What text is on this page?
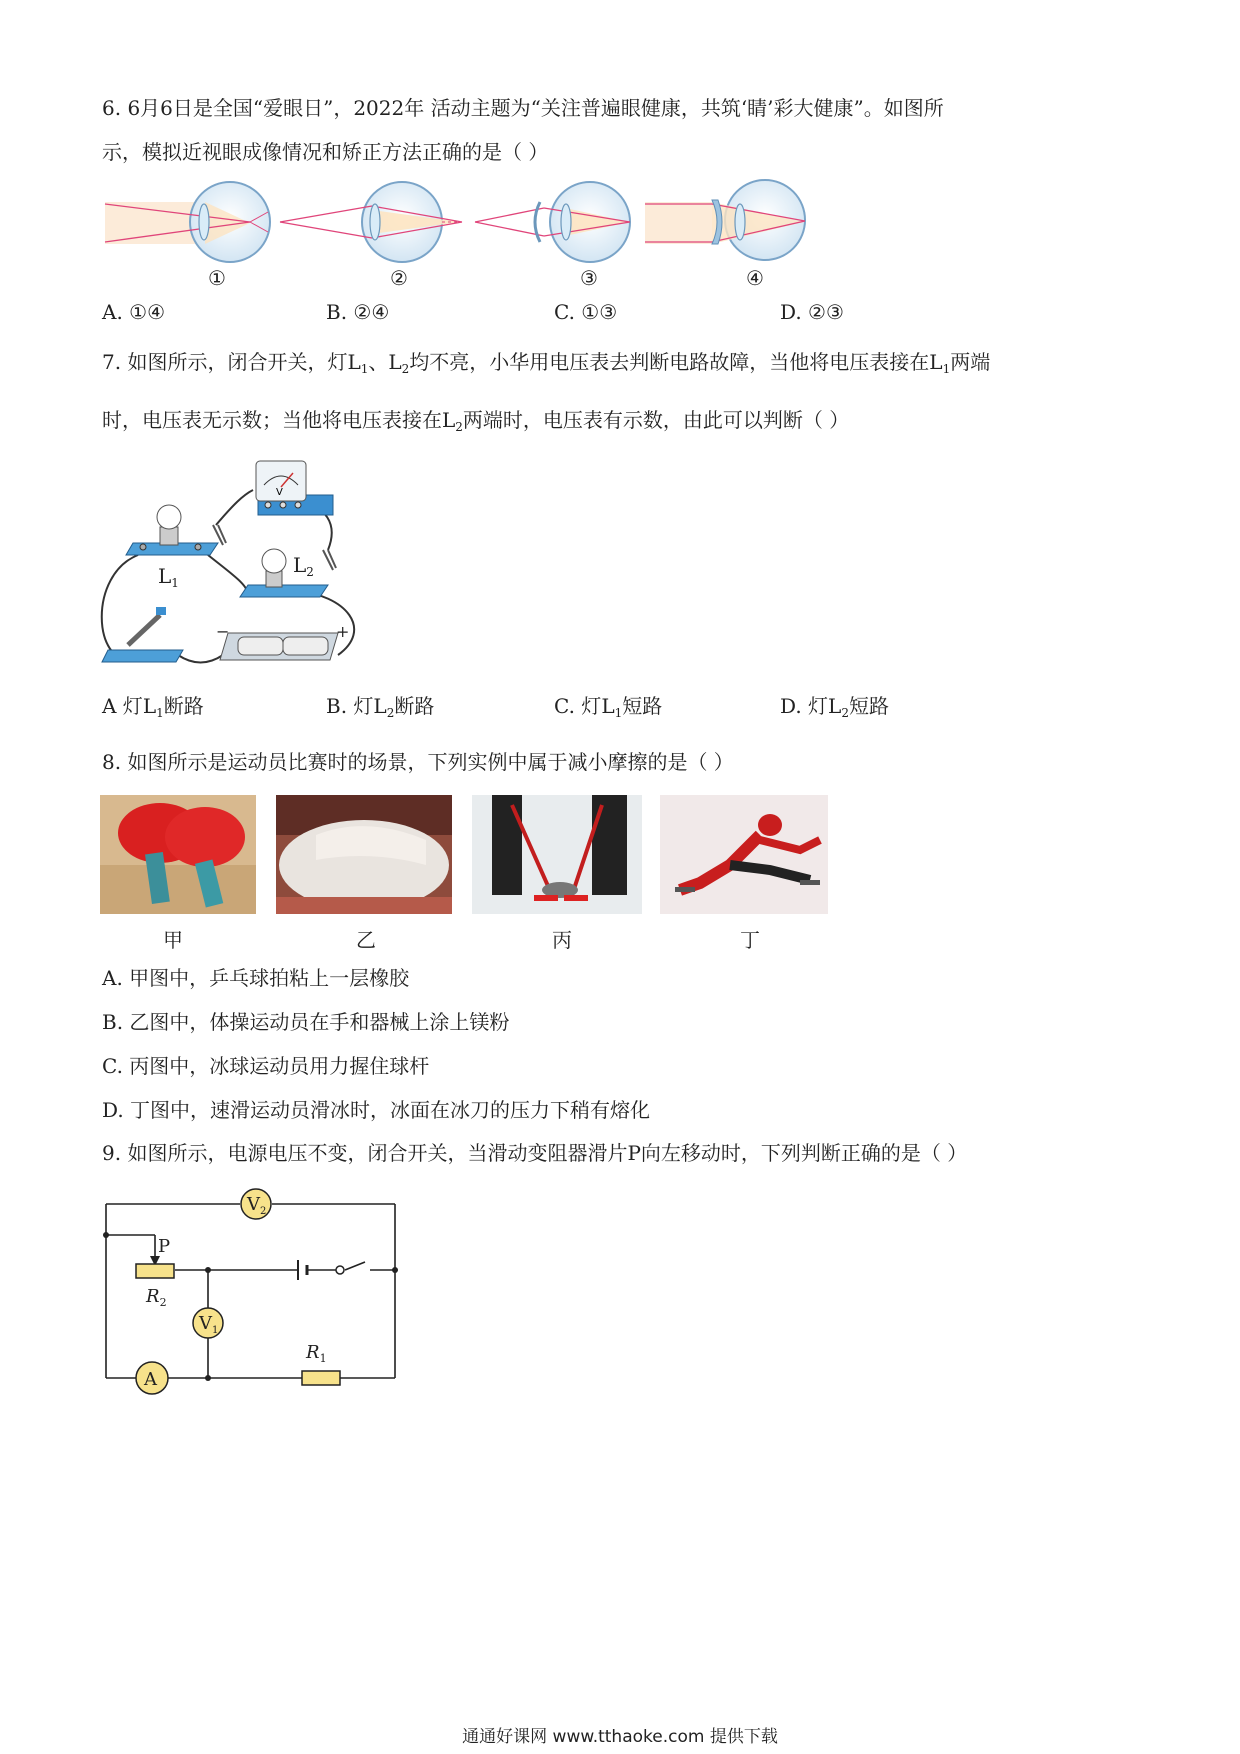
6. 6月6日是全国“爱眼日”，2022年 活动主题为“关注普遍眼健康，共筑‘睛’彩大健康”。如图所
示，模拟近视眼成像情况和矫正方法正确的是（ ）
①	②	③	④
A. ①④	B. ②④	C. ①③	D. ②③
7. 如图所示，闭合开关，灯$L_1$、$L_2$均不亮，小华用电压表去判断电路故障，当他将电压表接在$L_1$两端
时，电压表无示数；当他将电压表接在$L_2$两端时，电压表有示数，由此可以判断（ ）
V
$L_1$
$L_2$
−	+
A 灯$L_1$断路	B. 灯$L_2$断路	C. 灯$L_1$短路	D. 灯$L_2$短路
8. 如图所示是运动员比赛时的场景，下列实例中属于减小摩擦的是（ ）
甲	乙	丙	丁
A. 甲图中，乒乓球拍粘上一层橡胶
B. 乙图中，体操运动员在手和器械上涂上镁粉
C. 丙图中，冰球运动员用力握住球杆
D. 丁图中，速滑运动员滑冰时，冰面在冰刀的压力下稍有熔化
9. 如图所示，电源电压不变，闭合开关，当滑动变阻器滑片P向左移动时，下列判断正确的是（ ）
P
$R_2$
$R_1$
$V_2$
$V_1$
A
通通好课网 www.tthaoke.com 提供下载
